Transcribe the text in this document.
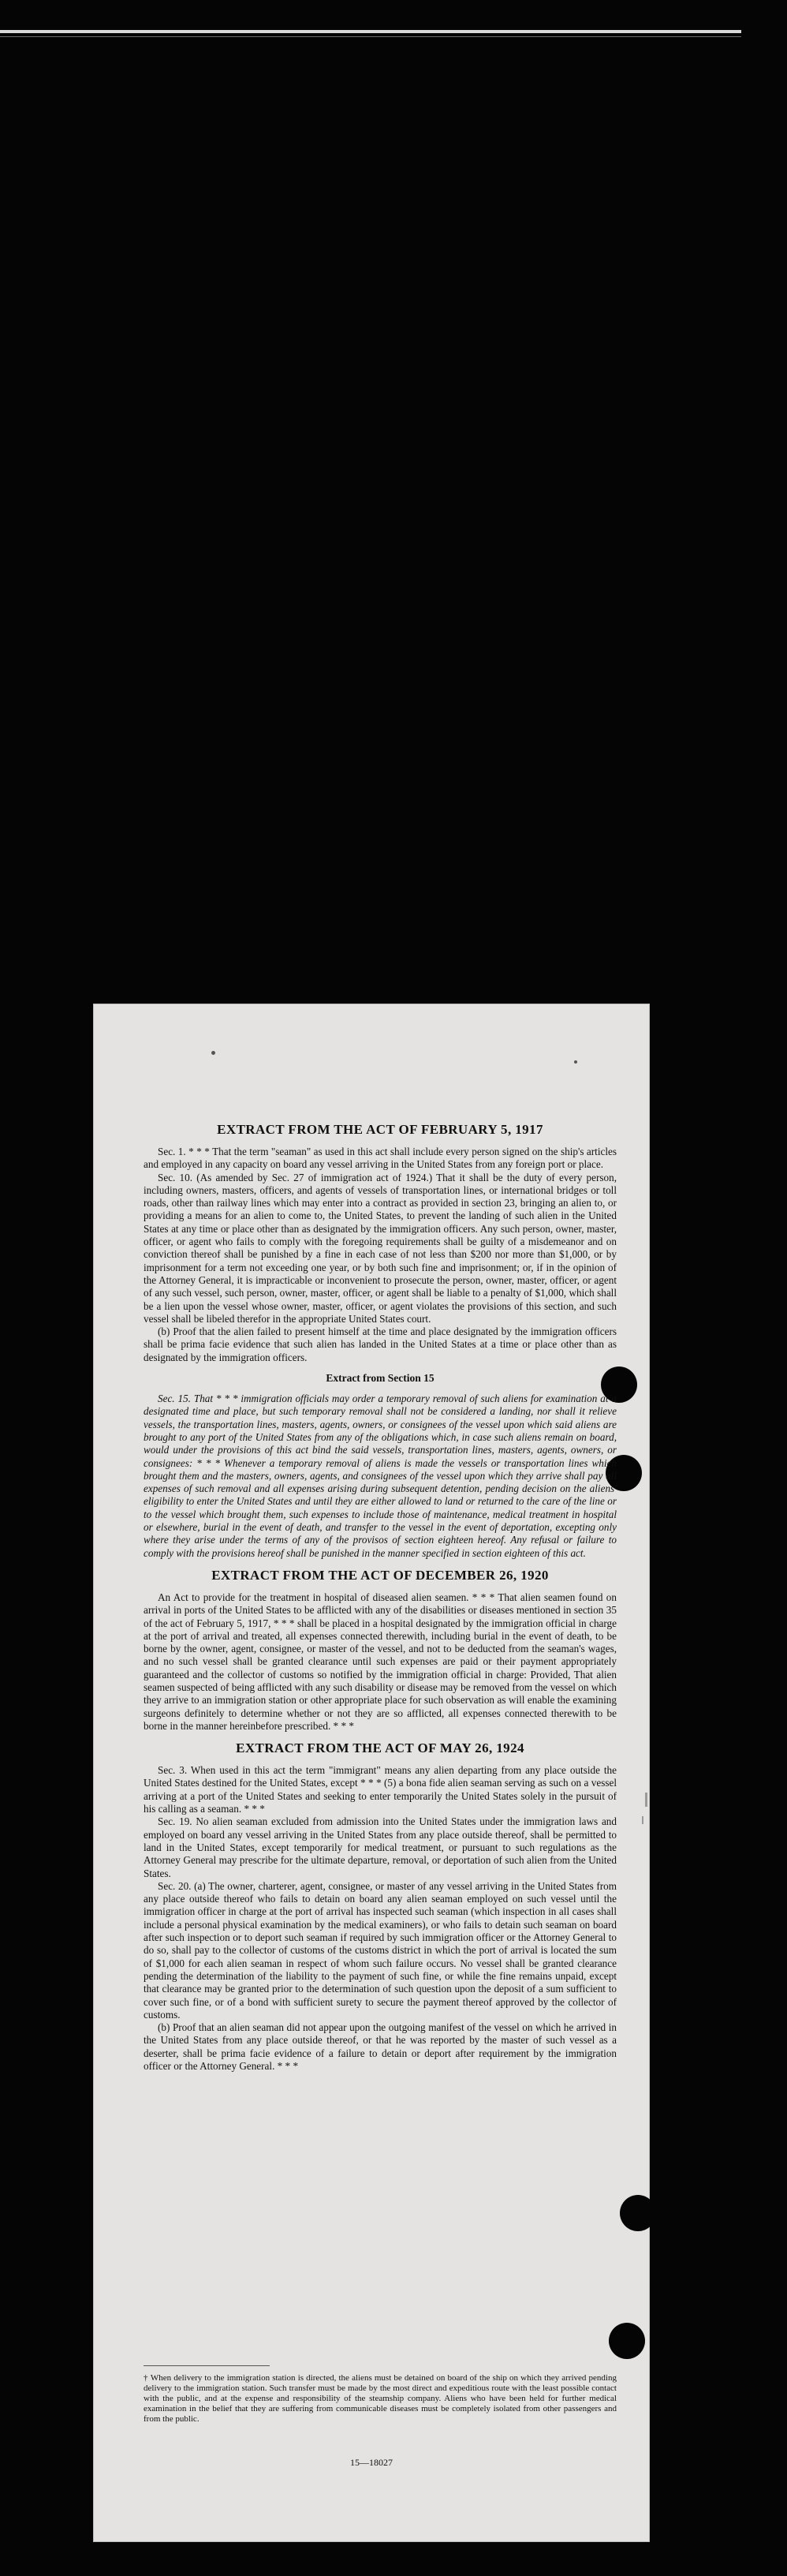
EXTRACT FROM THE ACT OF FEBRUARY 5, 1917

Sec. 1. * * * That the term "seaman" as used in this act shall include every person signed on the ship's articles and employed in any capacity on board any vessel arriving in the United States from any foreign port or place.

Sec. 10. (As amended by Sec. 27 of immigration act of 1924.) That it shall be the duty of every person, including owners, masters, officers, and agents of vessels of transportation lines, or international bridges or toll roads, other than railway lines which may enter into a contract as provided in section 23, bringing an alien to, or providing a means for an alien to come to, the United States, to prevent the landing of such alien in the United States at any time or place other than as designated by the immigration officers. Any such person, owner, master, officer, or agent who fails to comply with the foregoing requirements shall be guilty of a misdemeanor and on conviction thereof shall be punished by a fine in each case of not less than $200 nor more than $1,000, or by imprisonment for a term not exceeding one year, or by both such fine and imprisonment; or, if in the opinion of the Attorney General, it is impracticable or inconvenient to prosecute the person, owner, master, officer, or agent of any such vessel, such person, owner, master, officer, or agent shall be liable to a penalty of $1,000, which shall be a lien upon the vessel whose owner, master, officer, or agent violates the provisions of this section, and such vessel shall be libeled therefor in the appropriate United States court.

(b) Proof that the alien failed to present himself at the time and place designated by the immigration officers shall be prima facie evidence that such alien has landed in the United States at a time or place other than as designated by the immigration officers.

Extract from Section 15

Sec. 15. That * * * immigration officials may order a temporary removal of such aliens for examination at a designated time and place, but such temporary removal shall not be considered a landing, nor shall it relieve vessels, the transportation lines, masters, agents, owners, or consignees of the vessel upon which said aliens are brought to any port of the United States from any of the obligations which, in case such aliens remain on board, would under the provisions of this act bind the said vessels, transportation lines, masters, agents, owners, or consignees: * * * Whenever a temporary removal of aliens is made the vessels or transportation lines which brought them and the masters, owners, agents, and consignees of the vessel upon which they arrive shall pay all expenses of such removal and all expenses arising during subsequent detention, pending decision on the aliens' eligibility to enter the United States and until they are either allowed to land or returned to the care of the line or to the vessel which brought them, such expenses to include those of maintenance, medical treatment in hospital or elsewhere, burial in the event of death, and transfer to the vessel in the event of deportation, excepting only where they arise under the terms of any of the provisos of section eighteen hereof. Any refusal or failure to comply with the provisions hereof shall be punished in the manner specified in section eighteen of this act.

EXTRACT FROM THE ACT OF DECEMBER 26, 1920

An Act to provide for the treatment in hospital of diseased alien seamen. * * * That alien seamen found on arrival in ports of the United States to be afflicted with any of the disabilities or diseases mentioned in section 35 of the act of February 5, 1917, * * * shall be placed in a hospital designated by the immigration official in charge at the port of arrival and treated, all expenses connected therewith, including burial in the event of death, to be borne by the owner, agent, consignee, or master of the vessel, and not to be deducted from the seaman's wages, and no such vessel shall be granted clearance until such expenses are paid or their payment appropriately guaranteed and the collector of customs so notified by the immigration official in charge: Provided, That alien seamen suspected of being afflicted with any such disability or disease may be removed from the vessel on which they arrive to an immigration station or other appropriate place for such observation as will enable the examining surgeons definitely to determine whether or not they are so afflicted, all expenses connected therewith to be borne in the manner hereinbefore prescribed. * * *

EXTRACT FROM THE ACT OF MAY 26, 1924

Sec. 3. When used in this act the term "immigrant" means any alien departing from any place outside the United States destined for the United States, except * * * (5) a bona fide alien seaman serving as such on a vessel arriving at a port of the United States and seeking to enter temporarily the United States solely in the pursuit of his calling as a seaman. * * *

Sec. 19. No alien seaman excluded from admission into the United States under the immigration laws and employed on board any vessel arriving in the United States from any place outside thereof, shall be permitted to land in the United States, except temporarily for medical treatment, or pursuant to such regulations as the Attorney General may prescribe for the ultimate departure, removal, or deportation of such alien from the United States.

Sec. 20. (a) The owner, charterer, agent, consignee, or master of any vessel arriving in the United States from any place outside thereof who fails to detain on board any alien seaman employed on such vessel until the immigration officer in charge at the port of arrival has inspected such seaman (which inspection in all cases shall include a personal physical examination by the medical examiners), or who fails to detain such seaman on board after such inspection or to deport such seaman if required by such immigration officer or the Attorney General to do so, shall pay to the collector of customs of the customs district in which the port of arrival is located the sum of $1,000 for each alien seaman in respect of whom such failure occurs. No vessel shall be granted clearance pending the determination of the liability to the payment of such fine, or while the fine remains unpaid, except that clearance may be granted prior to the determination of such question upon the deposit of a sum sufficient to cover such fine, or of a bond with sufficient surety to secure the payment thereof approved by the collector of customs.

(b) Proof that an alien seaman did not appear upon the outgoing manifest of the vessel on which he arrived in the United States from any place outside thereof, or that he was reported by the master of such vessel as a deserter, shall be prima facie evidence of a failure to detain or deport after requirement by the immigration officer or the Attorney General. * * *

† When delivery to the immigration station is directed, the aliens must be detained on board of the ship on which they arrived pending delivery to the immigration station. Such transfer must be made by the most direct and expeditious route with the least possible contact with the public, and at the expense and responsibility of the steamship company. Aliens who have been held for further medical examination in the belief that they are suffering from communicable diseases must be completely isolated from other passengers and from the public.
15—18027
